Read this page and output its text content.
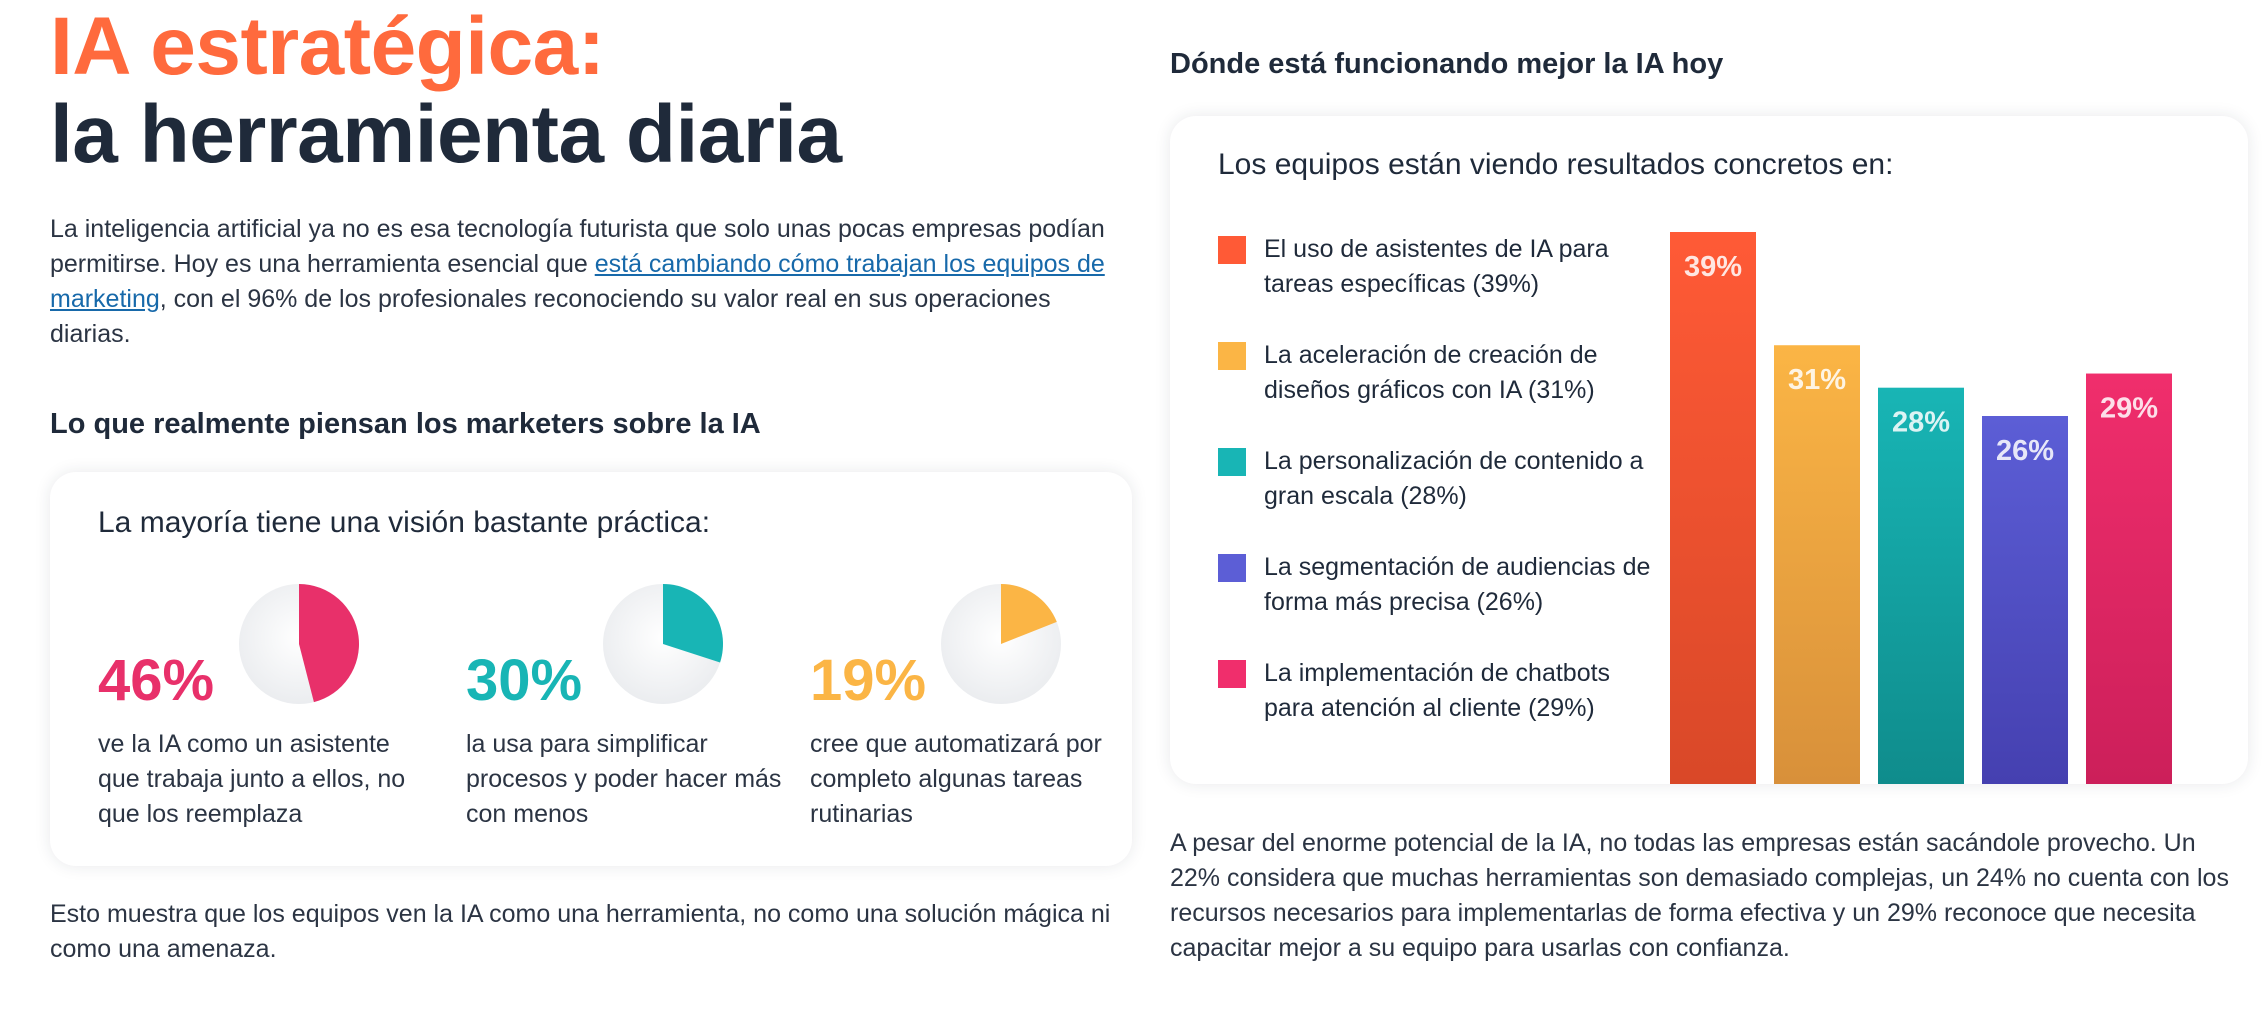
IA estratégica:
la herramienta diaria

La inteligencia artificial ya no es esa tecnología futurista que solo unas pocas empresas podían permitirse. Hoy es una herramienta esencial que está cambiando cómo trabajan los equipos de marketing, con el 96% de los profesionales reconociendo su valor real en sus operaciones diarias.

Lo que realmente piensan los marketers sobre la IA
La mayoría tiene una visión bastante práctica:
46%

ve la IA como un asistente que trabaja junto a ellos, no que los reemplaza

30%

la usa para simplificar procesos y poder hacer más con menos

19%

cree que automatizará por completo algunas tareas rutinarias

Esto muestra que los equipos ven la IA como una herramienta, no como una solución mágica ni como una amenaza.

Dónde está funcionando mejor la IA hoy
Los equipos están viendo resultados concretos en:
El uso de asistentes de IA para tareas específicas (39%)
La aceleración de creación de diseños gráficos con IA (31%)
La personalización de contenido a gran escala (28%)
La segmentación de audiencias de forma más precisa (26%)
La implementación de chatbots para atención al cliente (29%)
39%
31%
28%
26%
29%

A pesar del enorme potencial de la IA, no todas las empresas están sacándole provecho. Un 22% considera que muchas herramientas son demasiado complejas, un 24% no cuenta con los recursos necesarios para implementarlas de forma efectiva y un 29% reconoce que necesita capacitar mejor a su equipo para usarlas con confianza.
